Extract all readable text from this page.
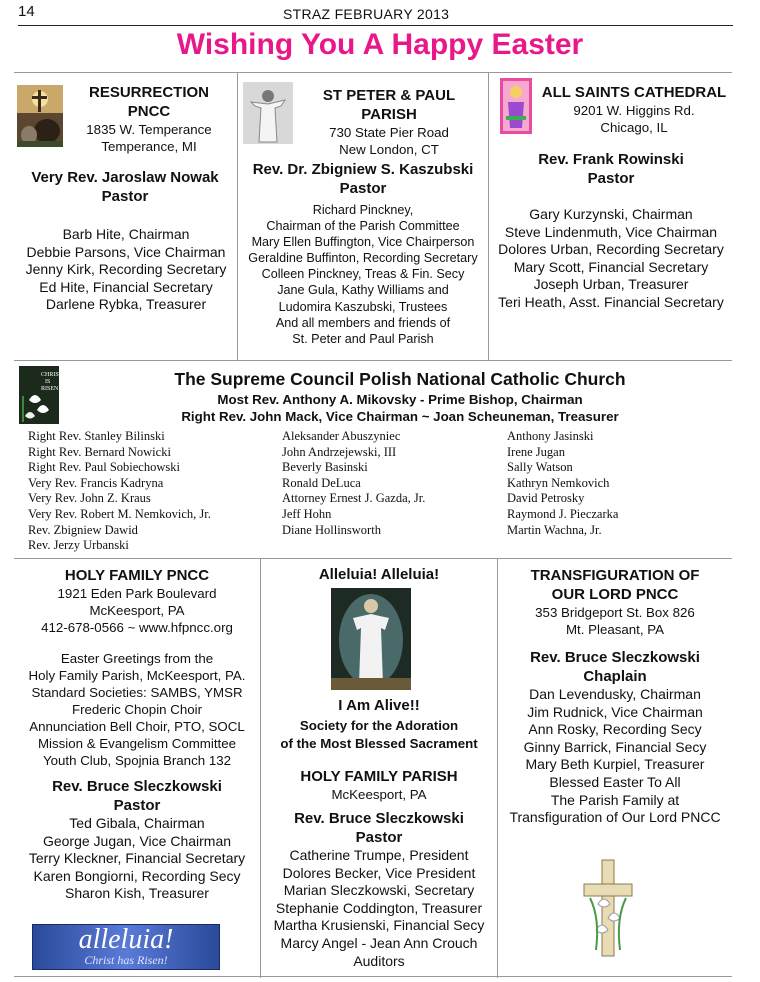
14	STRAZ FEBRUARY 2013
Wishing You A Happy Easter
RESURRECTION
PNCC
1835 W. Temperance
Temperance, MI
Very Rev. Jaroslaw Nowak
Pastor
Barb Hite, Chairman
Debbie Parsons, Vice Chairman
Jenny Kirk, Recording Secretary
Ed Hite, Financial Secretary
Darlene Rybka, Treasurer
ST PETER & PAUL
PARISH
730 State Pier Road
New London, CT
Rev. Dr. Zbigniew S. Kaszubski
Pastor
Richard Pinckney,
Chairman of the Parish Committee
Mary Ellen Buffington, Vice Chairperson
Geraldine Buffinton, Recording Secretary
Colleen Pinckney, Treas & Fin. Secy
Jane Gula, Kathy Williams and
Ludomira Kaszubski, Trustees
And all members and friends of
St. Peter and Paul Parish
ALL SAINTS CATHEDRAL
9201 W. Higgins Rd.
Chicago, IL
Rev. Frank Rowinski
Pastor
Gary Kurzynski, Chairman
Steve Lindenmuth, Vice Chairman
Dolores Urban, Recording Secretary
Mary Scott, Financial Secretary
Joseph Urban, Treasurer
Teri Heath, Asst. Financial Secretary
CHRIST
IS
RISEN	The Supreme Council Polish National Catholic Church
Most Rev. Anthony A. Mikovsky - Prime Bishop, Chairman
Right Rev. John Mack, Vice Chairman ~ Joan Scheuneman, Treasurer
Right Rev. Stanley Bilinski
Right Rev. Bernard Nowicki
Right Rev. Paul Sobiechowski
Very Rev. Francis Kadryna
Very Rev. John Z. Kraus
Very Rev. Robert M. Nemkovich, Jr.
Rev. Zbigniew Dawid
Rev. Jerzy Urbanski
Aleksander Abuszyniec
John Andrzejewski, III
Beverly Basinski
Ronald DeLuca
Attorney Ernest J. Gazda, Jr.
Jeff Hohn
Diane Hollinsworth
Anthony Jasinski
Irene Jugan
Sally Watson
Kathryn Nemkovich
David Petrosky
Raymond J. Pieczarka
Martin Wachna, Jr.
HOLY FAMILY PNCC
1921 Eden Park Boulevard
McKeesport, PA
412-678-0566 ~ www.hfpncc.org
Easter Greetings from the
Holy Family Parish, McKeesport, PA.
Standard Societies: SAMBS, YMSR
Frederic Chopin Choir
Annunciation Bell Choir, PTO, SOCL
Mission & Evangelism Committee
Youth Club, Spojnia Branch 132
Rev. Bruce Sleczkowski
Pastor
Ted Gibala, Chairman
George Jugan, Vice Chairman
Terry Kleckner, Financial Secretary
Karen Bongiorni, Recording Secy
Sharon Kish, Treasurer
alleluia!
Christ has Risen!
Alleluia! Alleluia!
I Am Alive!!
Society for the Adoration
of the Most Blessed Sacrament
HOLY FAMILY PARISH
McKeesport, PA
Rev. Bruce Sleczkowski
Pastor
Catherine Trumpe, President
Dolores Becker, Vice President
Marian Sleczkowski, Secretary
Stephanie Coddington, Treasurer
Martha Krusienski, Financial Secy
Marcy Angel - Jean Ann Crouch
Auditors
TRANSFIGURATION OF
OUR LORD PNCC
353 Bridgeport St. Box 826
Mt. Pleasant, PA
Rev. Bruce Sleczkowski
Chaplain
Dan Levendusky, Chairman
Jim Rudnick, Vice Chairman
Ann Rosky, Recording Secy
Ginny Barrick, Financial Secy
Mary Beth Kurpiel, Treasurer
Blessed Easter To All
The Parish Family at
Transfiguration of Our Lord PNCC
